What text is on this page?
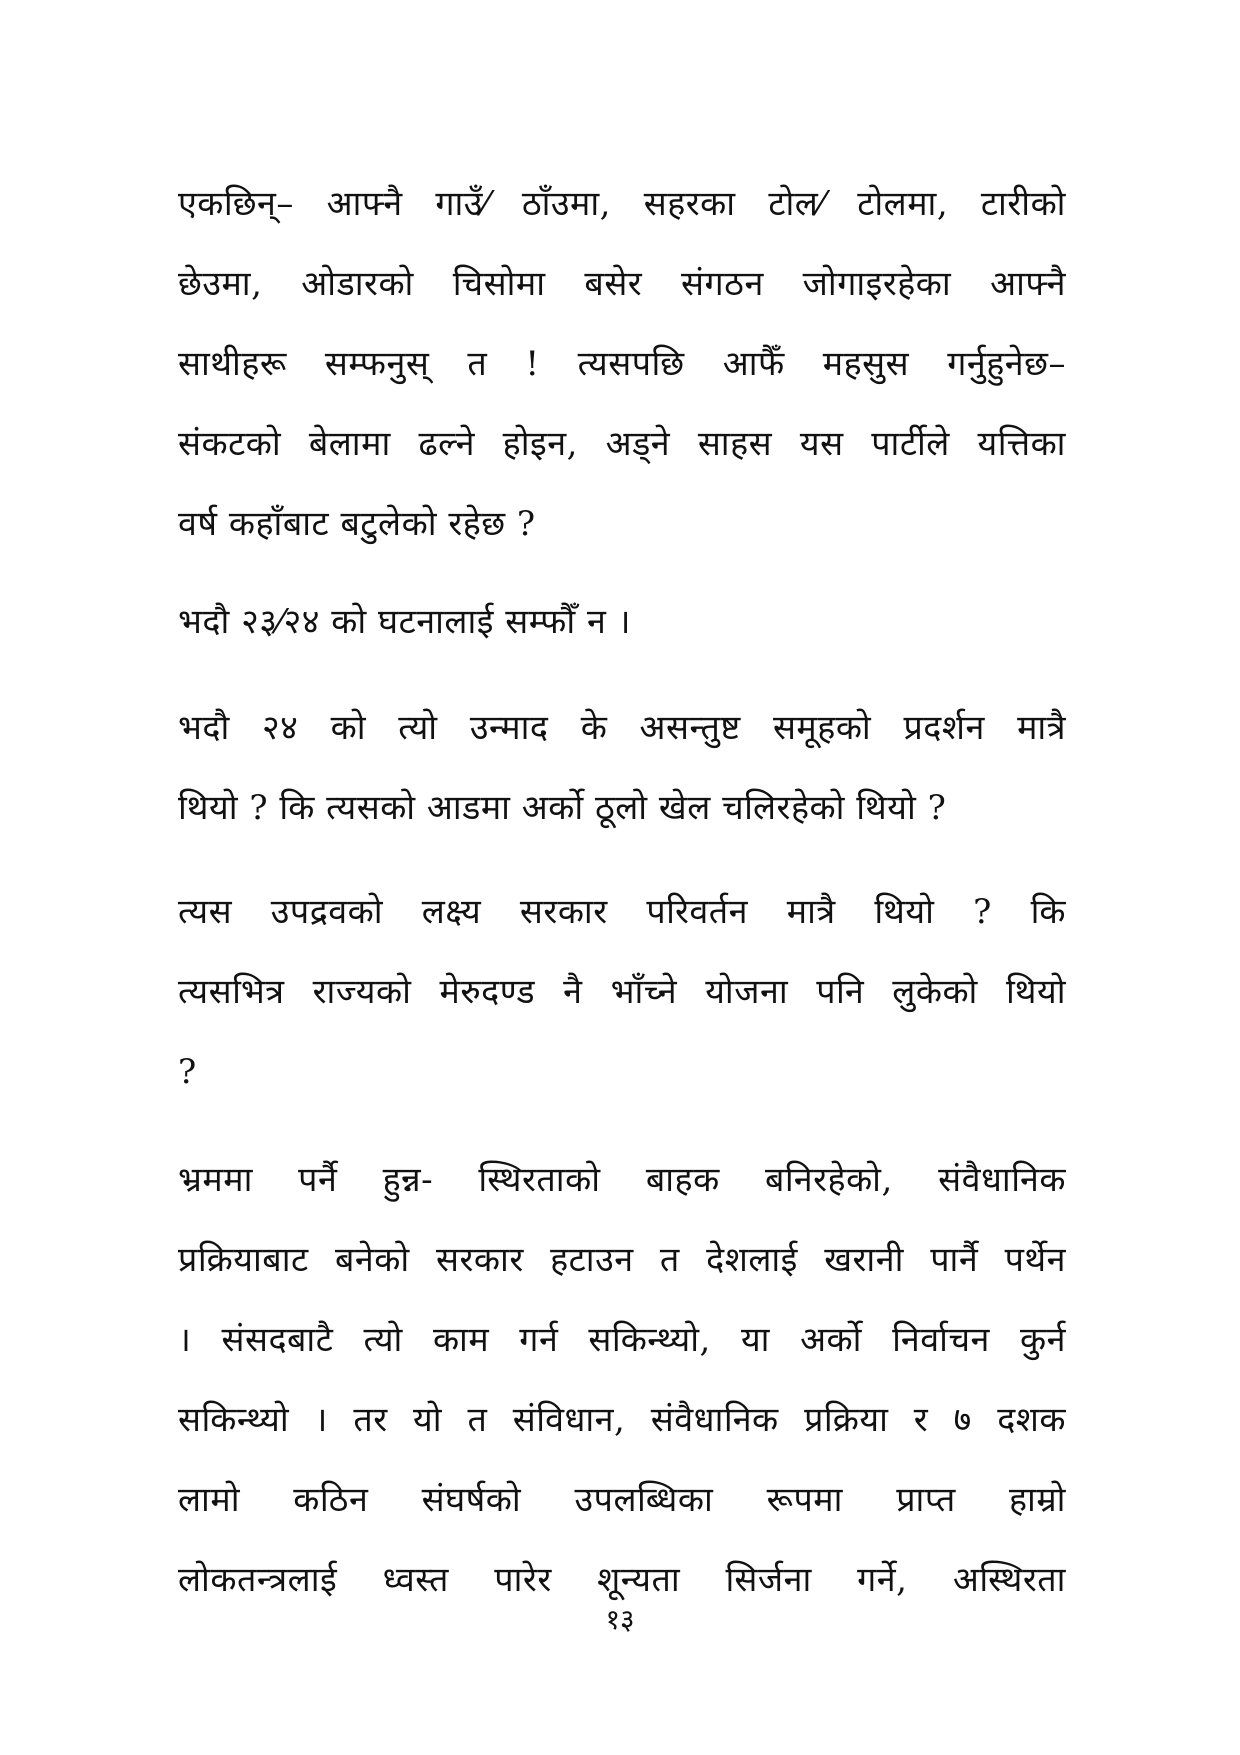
एकछिन्– आफ्नै गाउँ⁄ ठाँउमा, सहरका टोल⁄ टोलमा, टारीको
छेउमा, ओडारको चिसोमा बसेर संगठन जोगाइरहेका आफ्नै
साथीहरू सम्फनुस् त ! त्यसपछि आफैँ महसुस गर्नुहुनेछ–
संकटको बेलामा ढल्ने होइन, अड्ने साहस यस पार्टीले यत्तिका
वर्ष कहाँबाट बटुलेको रहेछ ?
भदौ २३⁄२४ को घटनालाई सम्फौँ न ।
भदौ २४ को त्यो उन्माद के असन्तुष्ट समूहको प्रदर्शन मात्रै
थियो ? कि त्यसको आडमा अर्को ठूलो खेल चलिरहेको थियो ?
त्यस उपद्रवको लक्ष्य सरकार परिवर्तन मात्रै थियो ? कि
त्यसभित्र राज्यको मेरुदण्ड नै भाँच्ने योजना पनि लुकेको थियो
?
भ्रममा पर्नै हुन्न- स्थिरताको बाहक बनिरहेको, संवैधानिक
प्रक्रियाबाट बनेको सरकार हटाउन त देशलाई खरानी पार्नै पर्थेन
। संसदबाटै त्यो काम गर्न सकिन्थ्यो, या अर्को निर्वाचन कुर्न
सकिन्थ्यो । तर यो त संविधान, संवैधानिक प्रक्रिया र ७ दशक
लामो कठिन संघर्षको उपलब्धिका रूपमा प्राप्त हाम्रो
लोकतन्त्रलाई ध्वस्त पारेर शून्यता सिर्जना गर्ने, अस्थिरता
१३
